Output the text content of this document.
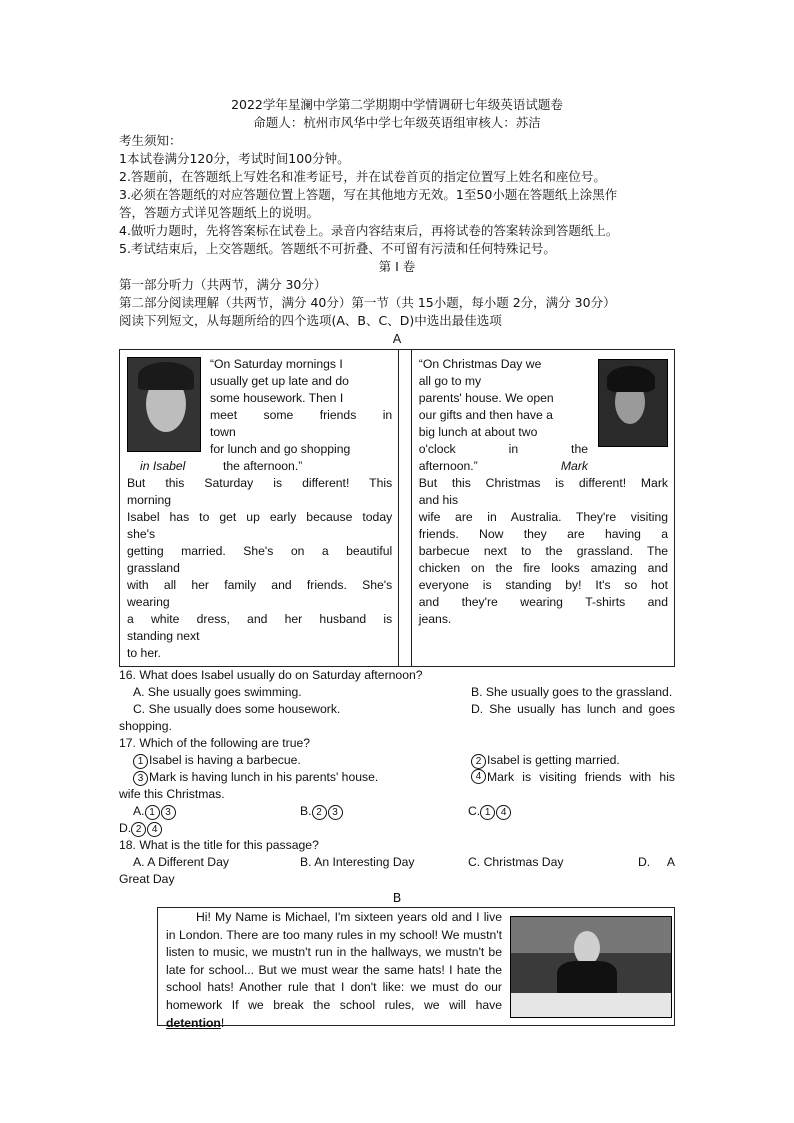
2022学年星澜中学第二学期期中学情调研七年级英语试题卷
命题人：杭州市风华中学七年级英语组审核人：苏洁
考生须知：
1本试卷满分120分，考试时间100分钟。
2.答题前，在答题纸上写姓名和准考证号，并在试卷首页的指定位置写上姓名和座位号。
3.必须在答题纸的对应答题位置上答题，写在其他地方无效。1至50小题在答题纸上涂黑作
答，答题方式详见答题纸上的说明。
4.做听力题时，先将答案标在试卷上。录音内容结束后，再将试卷的答案转涂到答题纸上。
5.考试结束后，上交答题纸。答题纸不可折叠、不可留有污渍和任何特殊记号。
第 I 卷
第一部分听力（共两节，满分 30分）
第二部分阅读理解（共两节，满分 40分）第一节（共 15小题，每小题 2分，满分 30分）
阅读下列短文，从每题所给的四个选项(A、B、C、D)中选出最佳选项
A
“On Saturday mornings I
usually get up late and do
some housework. Then I
meet some friends in
town
for lunch and go shopping
in Isabel	the afternoon.”
But this Saturday is different! This
morning
Isabel has to get up early because today
she's
getting married. She's on a beautiful
grassland
with all her family and friends. She's
wearing
a white dress, and her husband is
standing next
to her.

“On Christmas Day we
all go to my
parents' house. We open
our gifts and then have a
big lunch at about two
o'clock in the
afternoon.”	Mark
But this Christmas is different! Mark
and his
wife are in Australia. They're visiting
friends. Now they are having a
barbecue next to the grassland. The
chicken on the fire looks amazing and
everyone is standing by! It's so hot
and they're wearing T-shirts and
jeans.
16. What does Isabel usually do on Saturday afternoon?
A. She usually goes swimming.	B. She usually goes to the grassland.
C. She usually does some housework.	D. She usually has lunch and goes
shopping.
17. Which of the following are true?
1 Isabel is having a barbecue.	2 Isabel is getting married.
3 Mark is having lunch in his parents' house.	4 Mark is visiting friends with his
wife this Christmas.
A. 1 3	B. 2 3	C. 1 4
D. 2 4
18. What is the title for this passage?
A. A Different Day	B. An Interesting Day	C. Christmas Day	D. A
Great Day
B
Hi! My Name is Michael, I'm sixteen years old and I live in London. There are too many rules in my school! We mustn't listen to music, we mustn't run in the hallways, we mustn't be late for school... But we must wear the same hats! I hate the school hats! Another rule that I don't like: we must do our homework If we break the school rules, we will have detention!
